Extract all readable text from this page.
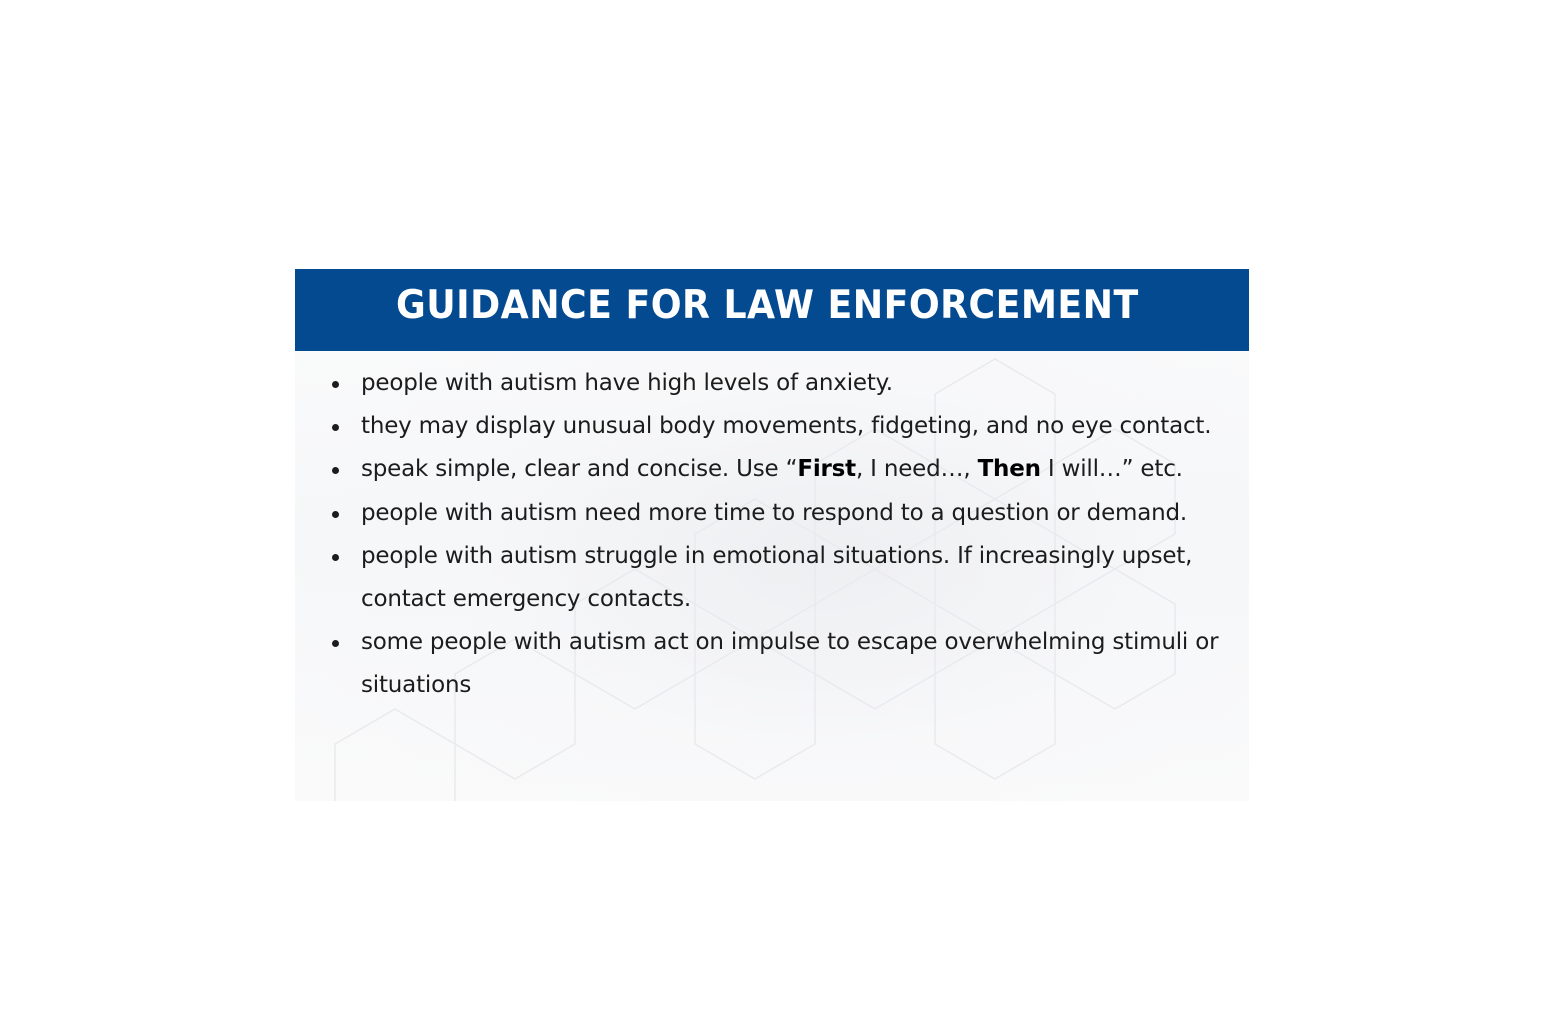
GUIDANCE FOR LAW ENFORCEMENT
people with autism have high levels of anxiety.
they may display unusual body movements, fidgeting, and no eye contact.
speak simple, clear and concise. Use “First, I need…, Then I will…” etc.
people with autism need more time to respond to a question or demand.
people with autism struggle in emotional situations. If increasingly upset, contact emergency contacts.
some people with autism act on impulse to escape overwhelming stimuli or situations
